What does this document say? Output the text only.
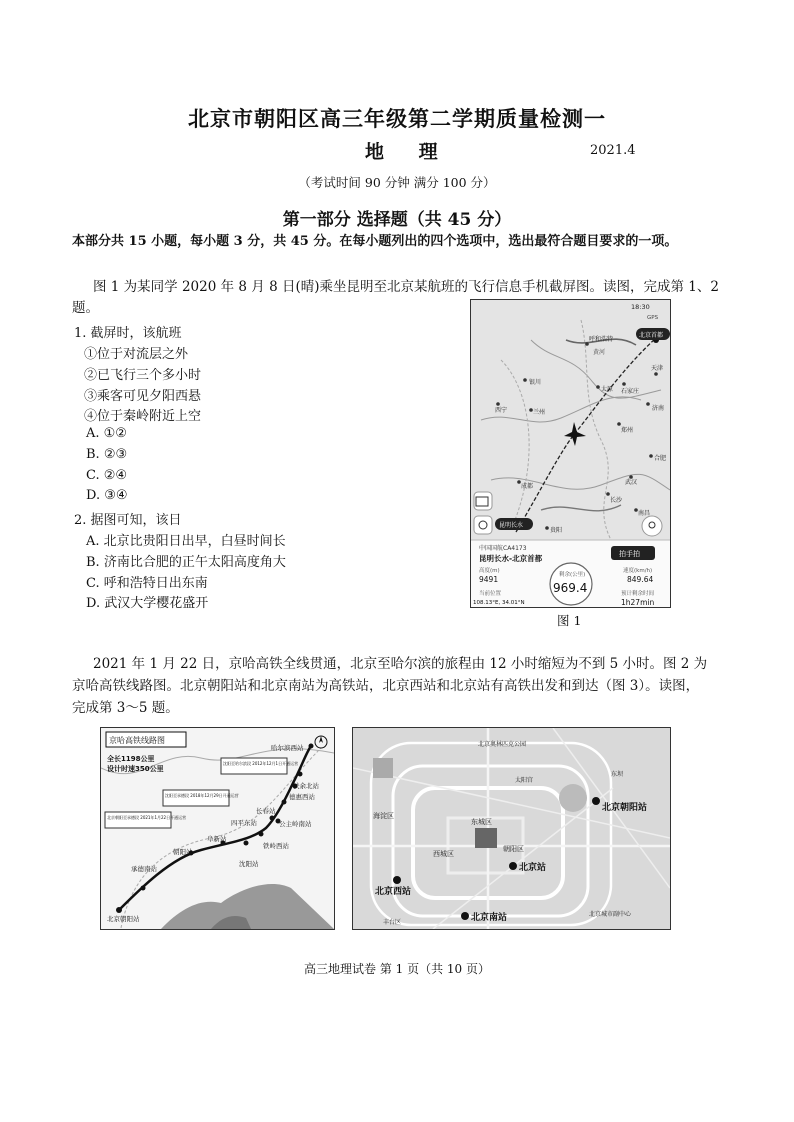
北京市朝阳区高三年级第二学期质量检测一
地 理	2021.4
（考试时间 90 分钟 满分 100 分）
第一部分 选择题（共 45 分）
本部分共 15 小题，每小题 3 分，共 45 分。在每小题列出的四个选项中，选出最符合题目要求的一项。
图 1 为某同学 2020 年 8 月 8 日(晴)乘坐昆明至北京某航班的飞行信息手机截屏图。读图，完成第 1、2
题。
1. 截屏时，该航班
①位于对流层之外
②已飞行三个多小时
③乘客可见夕阳西悬
④位于秦岭附近上空
A. ①②
B. ②③
C. ②④
D. ③④
2. 据图可知，该日
A. 北京比贵阳日出早，白昼时间长
B. 济南比合肥的正午太阳高度角大
C. 呼和浩特日出东南
D. 武汉大学樱花盛开
呼和浩特
黄河
银川
太原 石家庄
天津
济南
西宁	兰州
郑州
合肥
武汉
长沙
南昌
贵阳
成都
北京首都
昆明长水
18:30
GPS
中国国航CA4173
昆明长水-北京首都	拍手拍
高度(m)
9491
当前位置
108.13°E, 34.01°N
剩余(公里)
969.4
速度(km/h)
849.64
预计剩余时间
1h27min
图 1
2021 年 1 月 22 日，京哈高铁全线贯通，北京至哈尔滨的旅程由 12 小时缩短为不到 5 小时。图 2 为
京哈高铁线路图。北京朝阳站和北京南站为高铁站，北京西站和北京站有高铁出发和到达（图 3）。读图，
完成第 3～5 题。
京哈高铁线路图
全长1198公里
设计时速350公里
沈阳至哈尔滨段 2012年12月1日开通运营
沈阳至承德段 2018年12月29日开通运营
北京朝阳至承德段 2021年1月22日开通运营
哈尔滨西站
扶余北站
德惠西站
长春站
四平东站	公主岭南站
铁岭西站
沈阳站
阜新站
朝阳站
承德南站
北京朝阳站
北京奥林匹克公园
太阳宫
北京朝阳站
海淀区
东城区
朝阳区
西城区
北京站
北京西站
北京南站
丰台区
东坝
北京城市副中心
高三地理试卷 第 1 页（共 10 页）
